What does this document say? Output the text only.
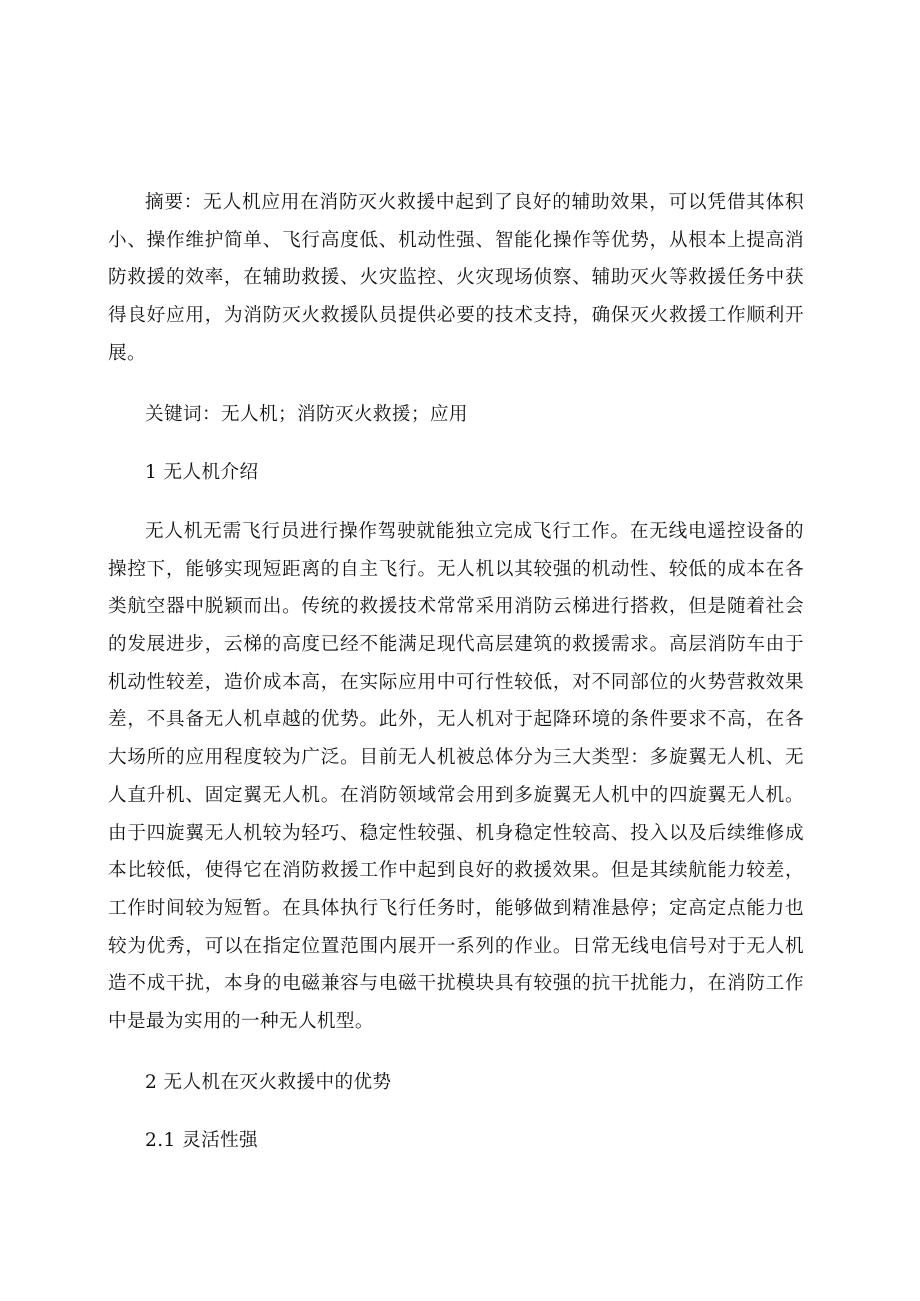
摘要：无人机应用在消防灭火救援中起到了良好的辅助效果，可以凭借其体积小、操作维护简单、飞行高度低、机动性强、智能化操作等优势，从根本上提高消防救援的效率，在辅助救援、火灾监控、火灾现场侦察、辅助灭火等救援任务中获得良好应用，为消防灭火救援队员提供必要的技术支持，确保灭火救援工作顺利开展。

关键词：无人机；消防灭火救援；应用

1 无人机介绍

无人机无需飞行员进行操作驾驶就能独立完成飞行工作。在无线电遥控设备的操控下，能够实现短距离的自主飞行。无人机以其较强的机动性、较低的成本在各类航空器中脱颖而出。传统的救援技术常常采用消防云梯进行搭救，但是随着社会的发展进步，云梯的高度已经不能满足现代高层建筑的救援需求。高层消防车由于机动性较差，造价成本高，在实际应用中可行性较低，对不同部位的火势营救效果差，不具备无人机卓越的优势。此外，无人机对于起降环境的条件要求不高，在各大场所的应用程度较为广泛。目前无人机被总体分为三大类型：多旋翼无人机、无人直升机、固定翼无人机。在消防领域常会用到多旋翼无人机中的四旋翼无人机。由于四旋翼无人机较为轻巧、稳定性较强、机身稳定性较高、投入以及后续维修成本比较低，使得它在消防救援工作中起到良好的救援效果。但是其续航能力较差，工作时间较为短暂。在具体执行飞行任务时，能够做到精准悬停；定高定点能力也较为优秀，可以在指定位置范围内展开一系列的作业。日常无线电信号对于无人机造不成干扰，本身的电磁兼容与电磁干扰模块具有较强的抗干扰能力，在消防工作中是最为实用的一种无人机型。

2 无人机在灭火救援中的优势

2.1 灵活性强
